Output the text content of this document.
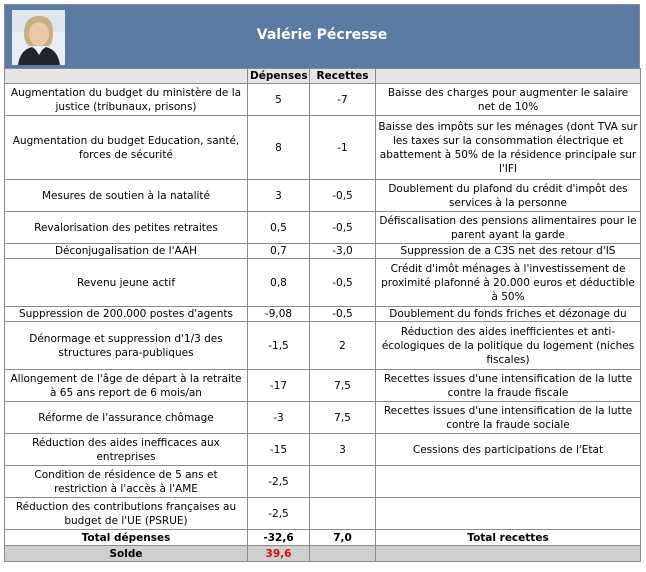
Valérie Pécresse
	Dépenses	Recettes	
Augmentation du budget du ministère de la justice (tribunaux, prisons)	5	-7	Baisse des charges pour augmenter le salaire net de 10%
Augmentation du budget Education, santé, forces de sécurité	8	-1	Baisse des impôts sur les ménages (dont TVA sur les taxes sur la consommation électrique et abattement à 50% de la résidence principale sur l'IFI
Mesures de soutien à la natalité	3	-0,5	Doublement du plafond du crédit d'impôt des services à la personne
Revalorisation des petites retraites	0,5	-0,5	Défiscalisation des pensions alimentaires pour le parent ayant la garde
Déconjugalisation de l'AAH	0,7	-3,0	Suppression de a C3S net des retour d'IS
Revenu jeune actif	0,8	-0,5	Crédit d'imôt ménages à l'investissement de proximité plafonné à 20.000 euros et déductible à 50%
Suppression de 200.000 postes d'agents	-9,08	-0,5	Doublement du fonds friches et dézonage du
Dénormage et suppression d'1/3 des structures para-publiques	-1,5	2	Réduction des aides inefficientes et anti-écologiques de la politique du logement (niches fiscales)
Allongement de l'âge de départ à la retraite à 65 ans report de 6 mois/an	-17	7,5	Recettes issues d'une intensification de la lutte contre la fraude fiscale
Réforme de l'assurance chômage	-3	7,5	Recettes issues d'une intensification de la lutte contre la fraude sociale
Réduction des aides inefficaces aux entreprises	-15	3	Cessions des participations de l'Etat
Condition de résidence de 5 ans et restriction à l'accès à l'AME	-2,5		
Réduction des contributions françaises au budget de l'UE (PSRUE)	-2,5		
Total dépenses	-32,6	7,0	Total recettes
Solde	39,6		
